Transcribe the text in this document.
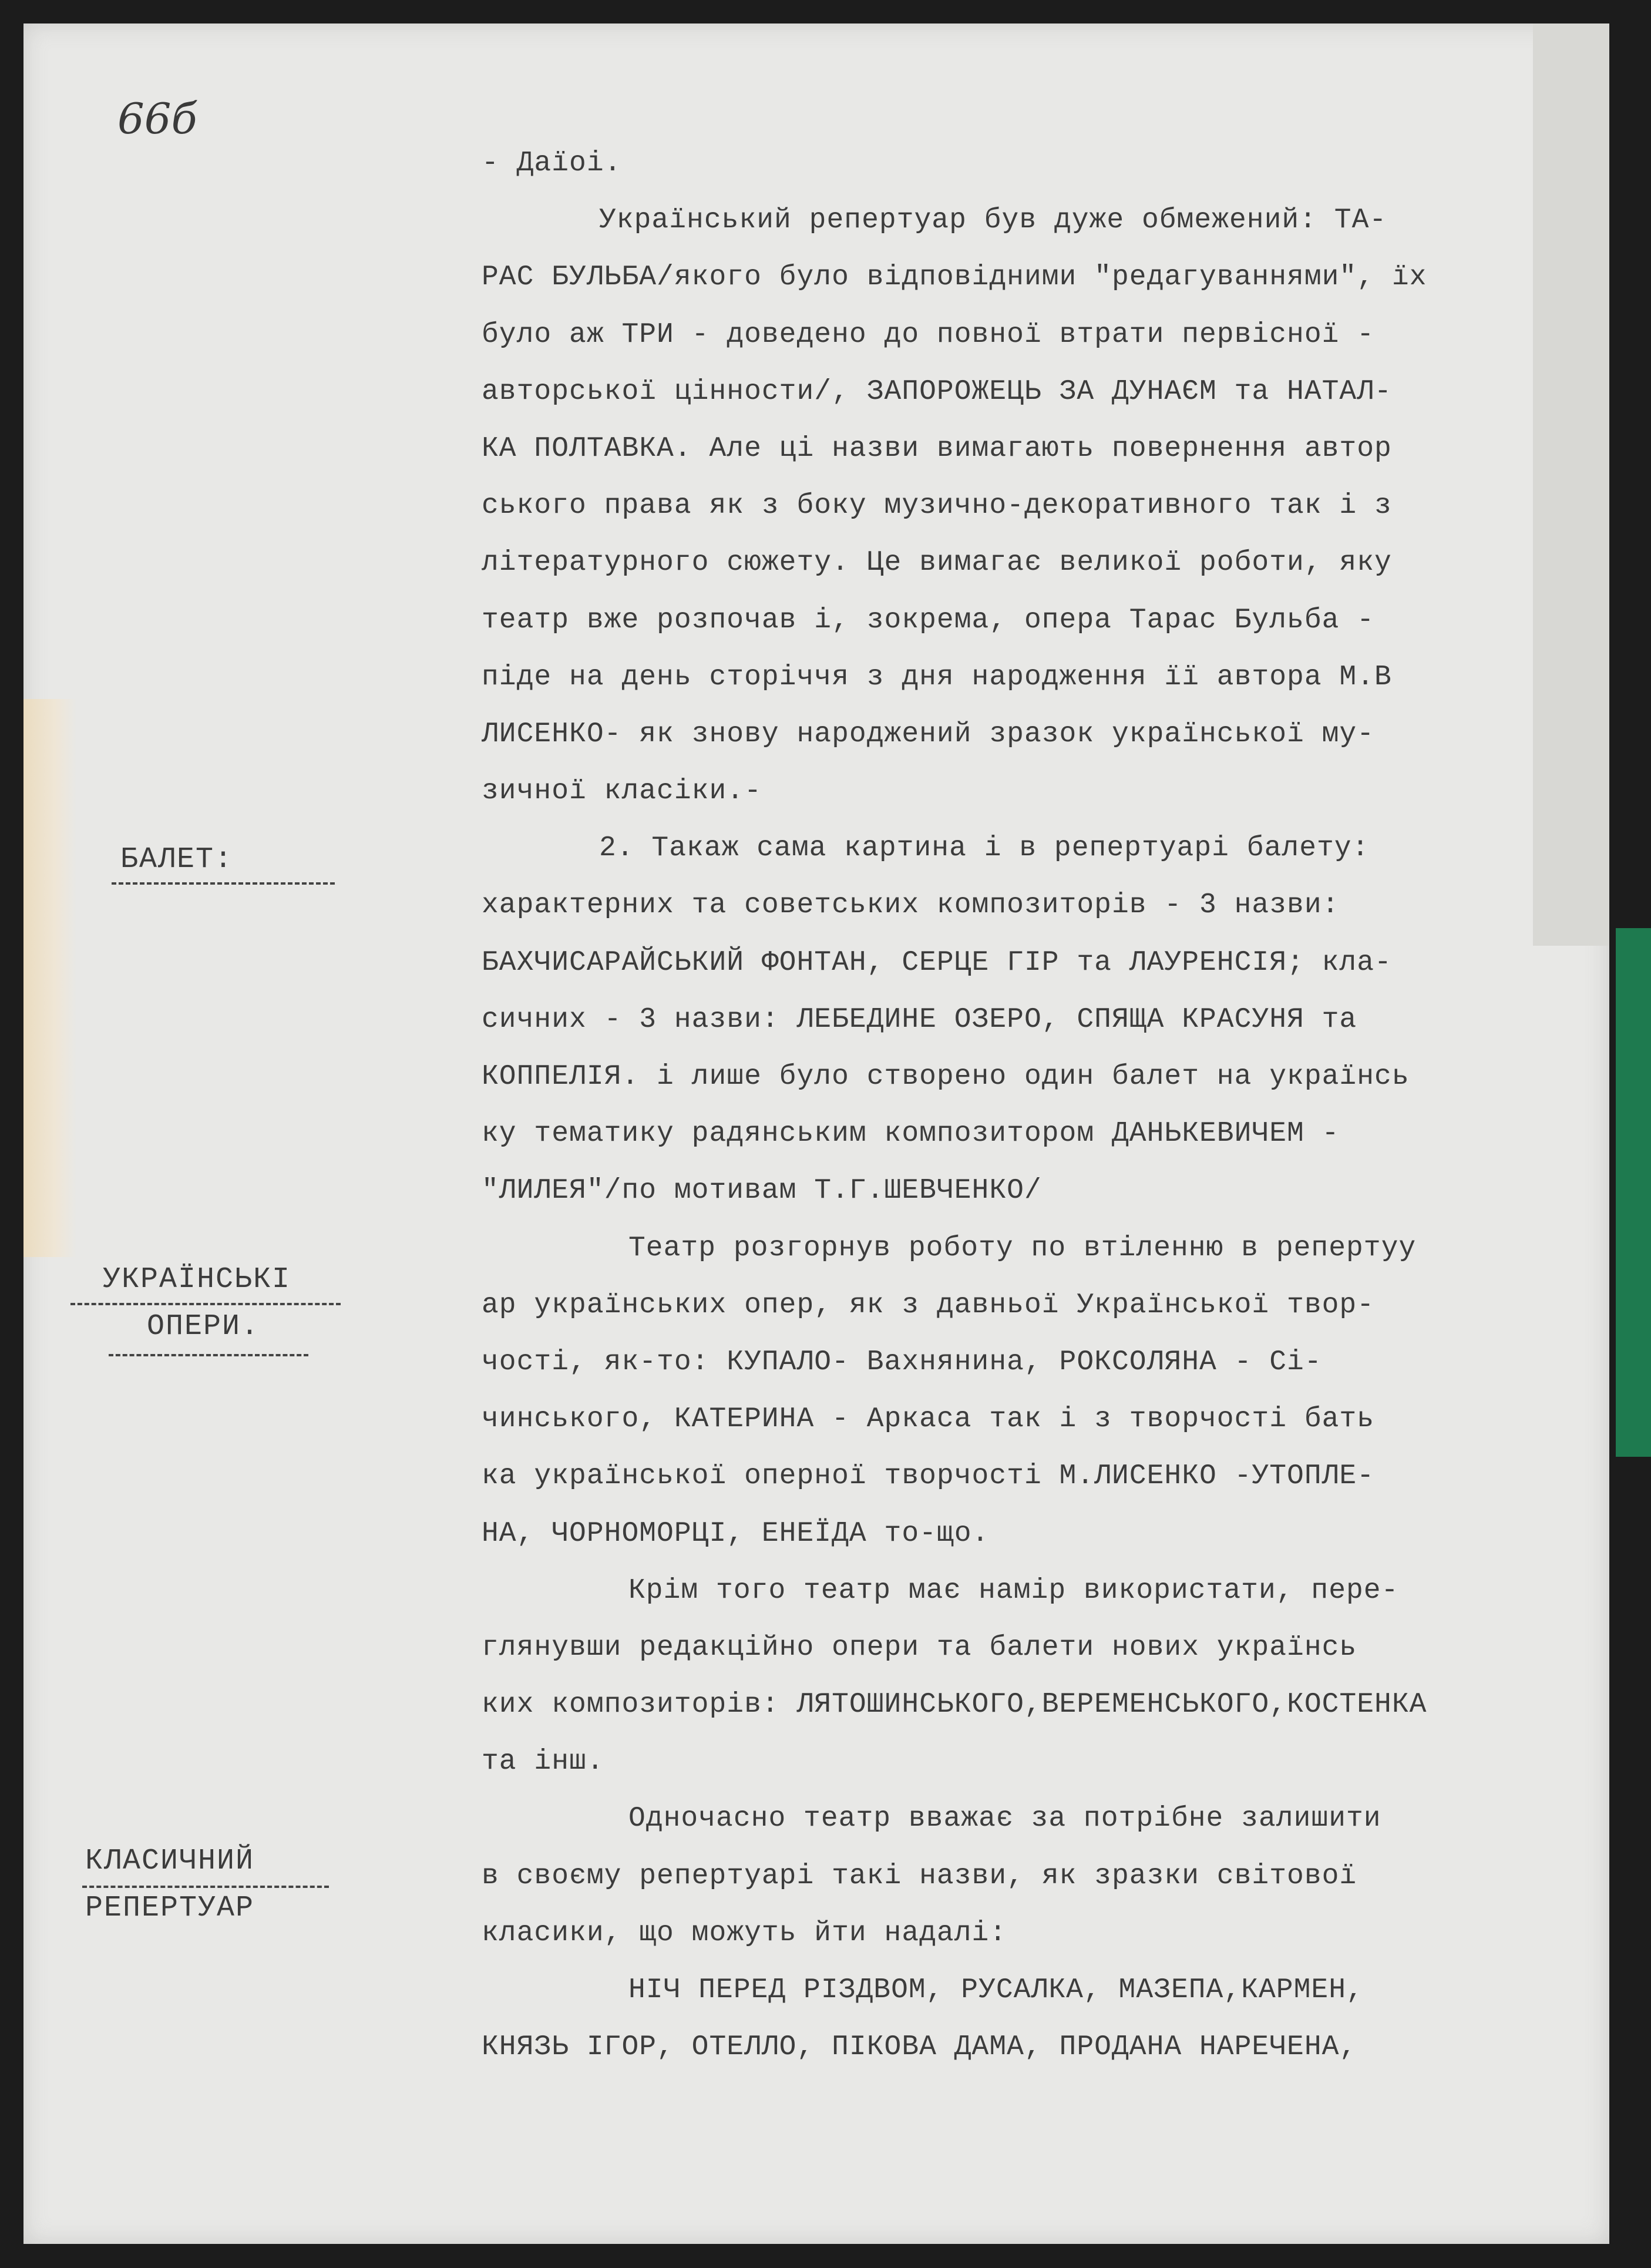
66б
БАЛЕТ:
УКРАЇНСЬКІ
ОПЕРИ.
КЛАСИЧНИЙ
РЕПЕРТУАР
- Даїоі.
Український репертуар був дуже обмежений: ТА-
РАС БУЛЬБА/якого було відповідними "редагуваннями", їх
було аж ТРИ - доведено до повної втрати первісної -
авторської цінности/, ЗАПОРОЖЕЦЬ ЗА ДУНАЄМ та НАТАЛ-
КА ПОЛТАВКА. Але ці назви вимагають повернення автор
ського права як з боку музично-декоративного так і з
літературного сюжету. Це вимагає великої роботи, яку
театр вже розпочав і, зокрема, опера Тарас Бульба -
піде на день сторіччя з дня народження її автора М.В
ЛИСЕНКО- як знову народжений зразок української му-
зичної класіки.-
2. Такаж сама картина і в репертуарі балету:
характерних та советських композиторів - 3 назви:
БАХЧИСАРАЙСЬКИЙ ФОНТАН, СЕРЦЕ ГІР та ЛАУРЕНСІЯ; кла-
сичних - 3 назви: ЛЕБЕДИНЕ ОЗЕРО, СПЯЩА КРАСУНЯ та
КОППЕЛІЯ. і лише було створено один балет на українсь
ку тематику радянським композитором ДАНЬКЕВИЧЕМ -
"ЛИЛЕЯ"/по мотивам Т.Г.ШЕВЧЕНКО/
Театр розгорнув роботу по втіленню в репертуу
ар українських опер, як з давньої Української твор-
чості, як-то: КУПАЛО- Вахнянина, РОКСОЛЯНА - Сі-
чинського, КАТЕРИНА - Аркаса так і з творчості бать
ка української оперної творчості М.ЛИСЕНКО -УТОПЛЕ-
НА, ЧОРНОМОРЦІ, ЕНЕЇДА то-що.
Крім того театр має намір використати, пере-
глянувши редакційно опери та балети нових українсь
ких композиторів: ЛЯТОШИНСЬКОГО,ВЕРЕМЕНСЬКОГО,КОСТЕНКА
та інш.
Одночасно театр вважає за потрібне залишити
в своєму репертуарі такі назви, як зразки світової
класики, що можуть йти надалі:
НІЧ ПЕРЕД РІЗДВОМ, РУСАЛКА, МАЗЕПА,КАРМЕН,
КНЯЗЬ ІГОР, ОТЕЛЛО, ПІКОВА ДАМА, ПРОДАНА НАРЕЧЕНА,
